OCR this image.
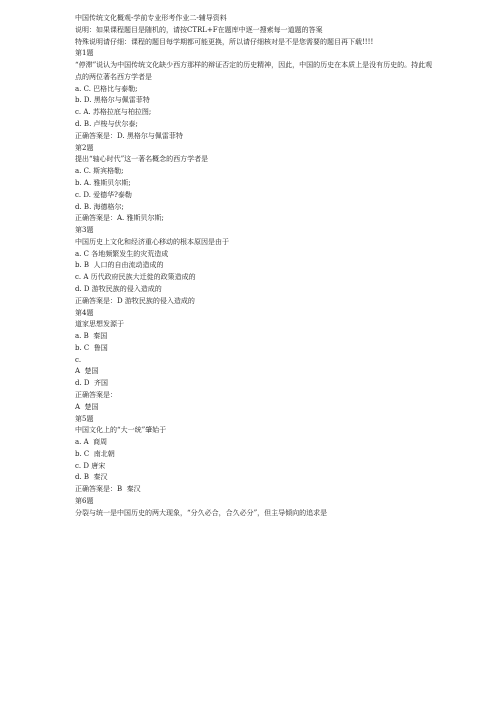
中国传统文化概观-学前专业形考作业二-辅导资料
说明：如果课程题目是随机的，请按CTRL+F在题库中逐一搜索每一道题的答案
特殊说明请仔细：课程的题目每学期都可能更换，所以请仔细核对是不是您需要的题目再下载!!!!
第1题
“停滞”说认为中国传统文化缺少西方那样的辩证否定的历史精神，因此，中国的历史在本质上是没有历史的。持此观点的两位著名西方学者是
a. C. 巴格比与泰勒;
b. D. 黑格尔与佩雷菲特
c. A. 苏格拉底与柏拉图;
d. B. 卢梭与伏尔泰;
正确答案是：D. 黑格尔与佩雷菲特
第2题
提出“轴心时代”这一著名概念的西方学者是
a. C. 斯宾格勒;
b. A. 雅斯贝尔斯;
c. D. 爱德华?泰勒
d. B. 海德格尔;
正确答案是：A. 雅斯贝尔斯;
第3题
中国历史上文化和经济重心移动的根本原因是由于
a. C 各地频繁发生的灾荒造成
b. B  人口的自由流动造成的
c. A 历代政府民族大迁徙的政策造成的
d. D 游牧民族的侵入造成的
正确答案是：D 游牧民族的侵入造成的
第4题
道家思想发源于
a. B  秦国
b. C  鲁国
c.
A  楚国
d. D  齐国
正确答案是：
A  楚国
第5题
中国文化上的“大一统”肇始于
a. A  商周
b. C  南北朝
c. D 唐宋
d. B  秦汉
正确答案是：B  秦汉
第6题
分裂与统一是中国历史的两大现象，“分久必合，合久必分”，但主导倾向的追求是
